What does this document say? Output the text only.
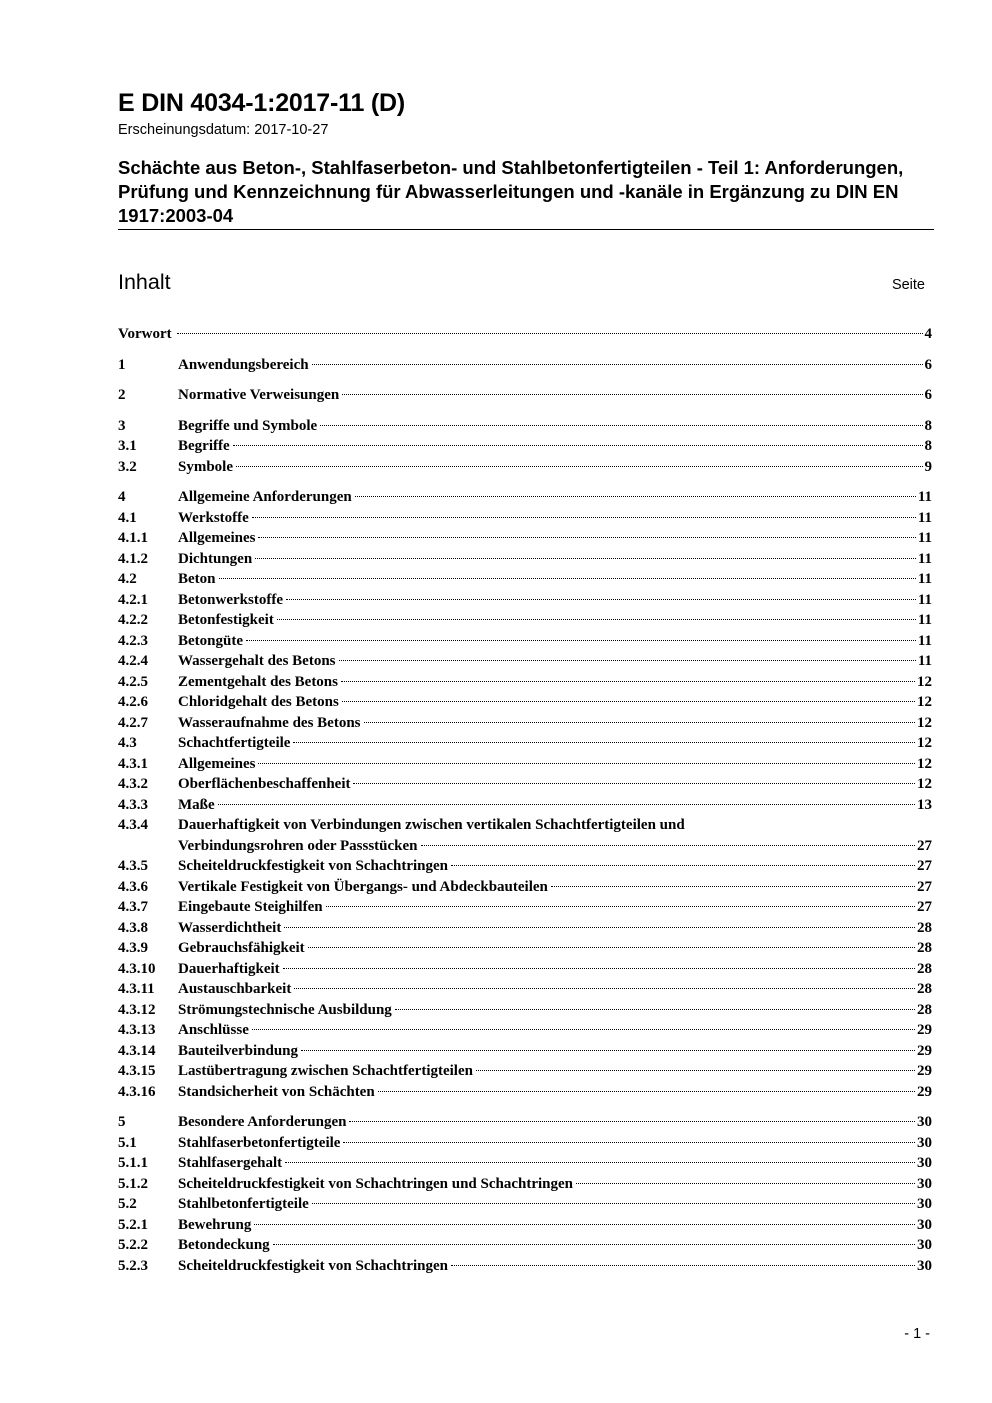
E DIN 4034-1:2017-11 (D)
Erscheinungsdatum: 2017-10-27
Schächte aus Beton-, Stahlfaserbeton- und Stahlbetonfertigteilen - Teil 1: Anforderungen, Prüfung und Kennzeichnung für Abwasserleitungen und -kanäle in Ergänzung zu DIN EN 1917:2003-04
Inhalt	Seite
Vorwort	4
1	Anwendungsbereich	6
2	Normative Verweisungen	6
3	Begriffe und Symbole	8
3.1	Begriffe	8
3.2	Symbole	9
4	Allgemeine Anforderungen	11
4.1	Werkstoffe	11
4.1.1 Allgemeines	11
4.1.2 Dichtungen	11
4.2	Beton	11
4.2.1 Betonwerkstoffe	11
4.2.2 Betonfestigkeit	11
4.2.3 Betongüte	11
4.2.4 Wassergehalt des Betons	11
4.2.5 Zementgehalt des Betons	12
4.2.6 Chloridgehalt des Betons	12
4.2.7 Wasseraufnahme des Betons	12
4.3	Schachtfertigteile	12
4.3.1 Allgemeines	12
4.3.2 Oberflächenbeschaffenheit	12
4.3.3 Maße	13
4.3.4 Dauerhaftigkeit von Verbindungen zwischen vertikalen Schachtfertigteilen und
Verbindungsrohren oder Passstücken	27
4.3.5 Scheiteldruckfestigkeit von Schachtringen	27
4.3.6 Vertikale Festigkeit von Übergangs- und Abdeckbauteilen	27
4.3.7 Eingebaute Steighilfen	27
4.3.8 Wasserdichtheit	28
4.3.9 Gebrauchsfähigkeit	28
4.3.10 Dauerhaftigkeit	28
4.3.11 Austauschbarkeit	28
4.3.12 Strömungstechnische Ausbildung	28
4.3.13 Anschlüsse	29
4.3.14 Bauteilverbindung	29
4.3.15 Lastübertragung zwischen Schachtfertigteilen	29
4.3.16 Standsicherheit von Schächten	29
5	Besondere Anforderungen	30
5.1	Stahlfaserbetonfertigteile	30
5.1.1 Stahlfasergehalt	30
5.1.2 Scheiteldruckfestigkeit von Schachtringen und Schachtringen	30
5.2	Stahlbetonfertigteile	30
5.2.1 Bewehrung	30
5.2.2 Betondeckung	30
5.2.3 Scheiteldruckfestigkeit von Schachtringen	30
- 1 -
